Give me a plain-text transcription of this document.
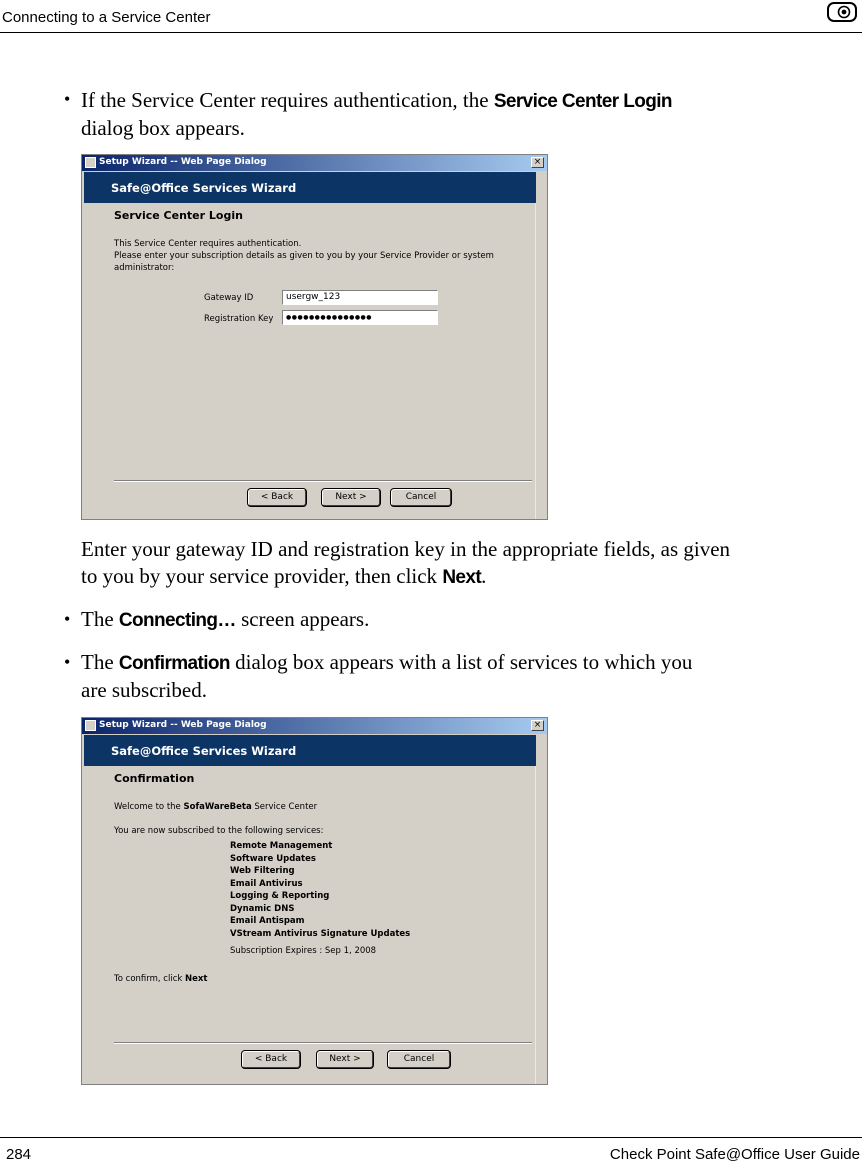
Connecting to a Service Center
• If the Service Center requires authentication, the Service Center Login
dialog box appears.
Setup Wizard -- Web Page Dialog	×
Safe@Office Services Wizard
Service Center Login
This Service Center requires authentication.
Please enter your subscription details as given to you by your Service Provider or system
administrator:
Gateway ID	usergw_123
Registration Key	●●●●●●●●●●●●●●●
< Back	Next >	Cancel
Enter your gateway ID and registration key in the appropriate fields, as given
to you by your service provider, then click Next.
• The Connecting… screen appears.
• The Confirmation dialog box appears with a list of services to which you
are subscribed.
Setup Wizard -- Web Page Dialog	×
Safe@Office Services Wizard
Confirmation
Welcome to the SofaWareBeta Service Center
You are now subscribed to the following services:
Remote Management
Software Updates
Web Filtering
Email Antivirus
Logging & Reporting
Dynamic DNS
Email Antispam
VStream Antivirus Signature Updates
Subscription Expires : Sep 1, 2008
To confirm, click Next
< Back	Next >	Cancel
284	Check Point Safe@Office User Guide
